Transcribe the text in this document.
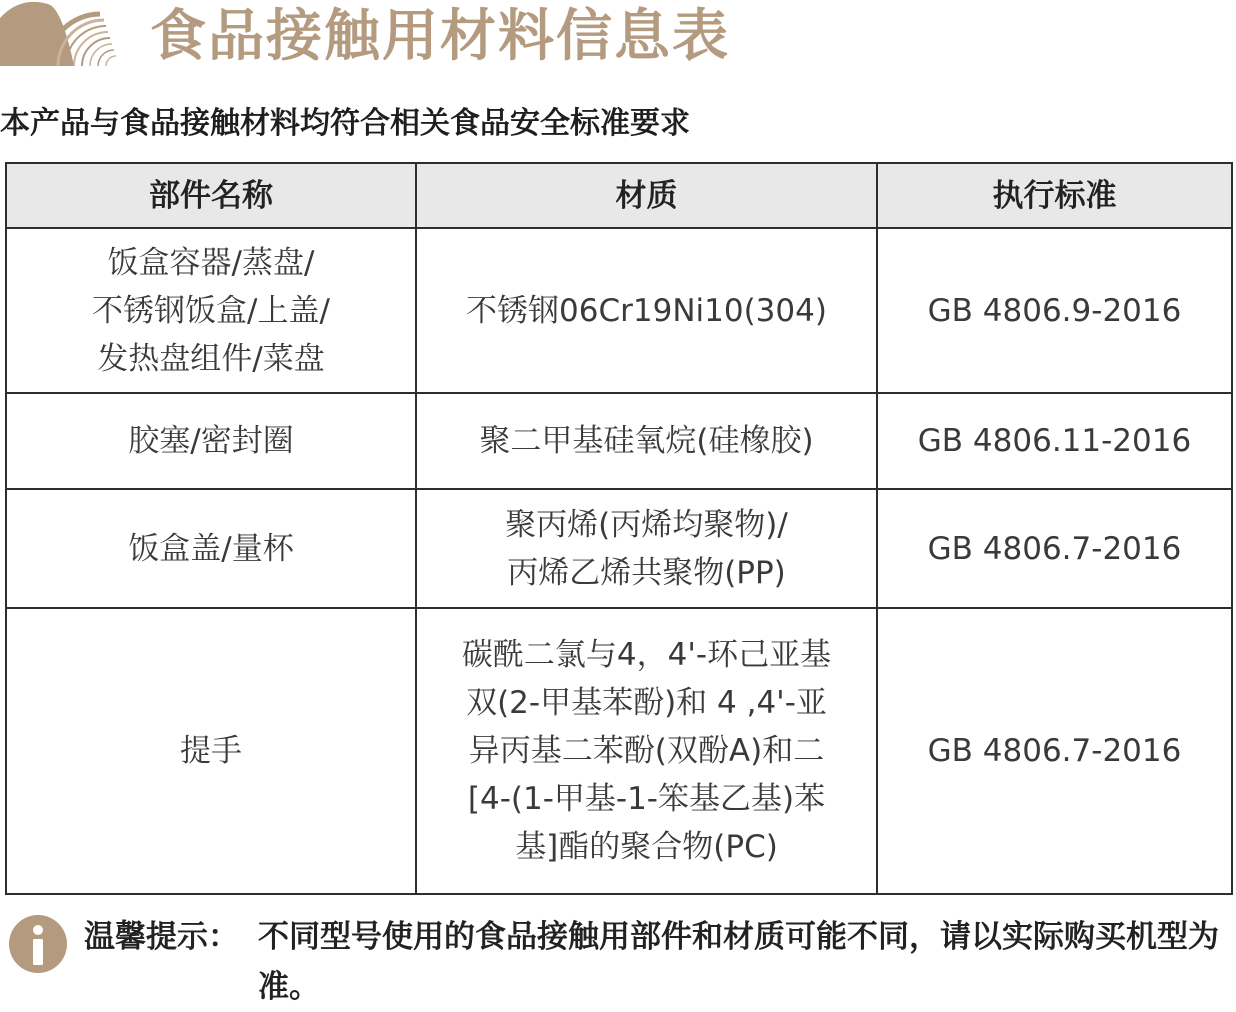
食品接触用材料信息表
本产品与食品接触材料均符合相关食品安全标准要求
部件名称	材质	执行标准

饭盒容器/蒸盘/
不锈钢饭盒/上盖/
发热盘组件/菜盘	不锈钢06Cr19Ni10(304)	GB 4806.9-2016

胶塞/密封圈	聚二甲基硅氧烷(硅橡胶)	GB 4806.11-2016

饭盒盖/量杯	聚丙烯(丙烯均聚物)/
丙烯乙烯共聚物(PP)	GB 4806.7-2016

提手	碳酰二氯与4，4'-环己亚基
双(2-甲基苯酚)和 4 ,4'-亚
异丙基二苯酚(双酚A)和二
[4-(1-甲基-1-笨基乙基)苯
基]酯的聚合物(PC)	GB 4806.7-2016
温馨提示： 不同型号使用的食品接触用部件和材质可能不同，请以实际购买机型为准。
